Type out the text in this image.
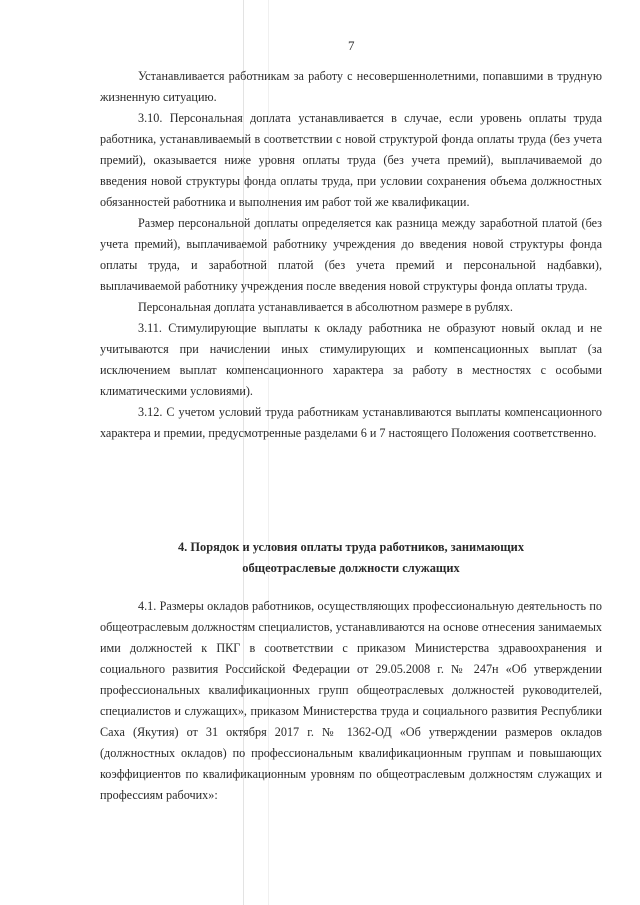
7

Устанавливается работникам за работу с несовершеннолетними, попавшими в трудную жизненную ситуацию.

3.10. Персональная доплата устанавливается в случае, если уровень оплаты труда работника, устанавливаемый в соответствии с новой структурой фонда оплаты труда (без учета премий), оказывается ниже уровня оплаты труда (без учета премий), выплачиваемой до введения новой структуры фонда оплаты труда, при условии сохранения объема должностных обязанностей работника и выполнения им работ той же квалификации.

Размер персональной доплаты определяется как разница между заработной платой (без учета премий), выплачиваемой работнику учреждения до введения новой структуры фонда оплаты труда, и заработной платой (без учета премий и персональной надбавки), выплачиваемой работнику учреждения после введения новой структуры фонда оплаты труда.

Персональная доплата устанавливается в абсолютном размере в рублях.

3.11. Стимулирующие выплаты к окладу работника не образуют новый оклад и не учитываются при начислении иных стимулирующих и компенсационных выплат (за исключением выплат компенсационного характера за работу в местностях с особыми климатическими условиями).

3.12. С учетом условий труда работникам устанавливаются выплаты компенсационного характера и премии, предусмотренные разделами 6 и 7 настоящего Положения соответственно.

4. Порядок и условия оплаты труда работников, занимающих
общеотраслевые должности служащих

4.1. Размеры окладов работников, осуществляющих профессиональную деятельность по общеотраслевым должностям специалистов, устанавливаются на основе отнесения занимаемых ими должностей к ПКГ в соответствии с приказом Министерства здравоохранения и социального развития Российской Федерации от 29.05.2008 г. № 247н «Об утверждении профессиональных квалификационных групп общеотраслевых должностей руководителей, специалистов и служащих», приказом Министерства труда и социального развития Республики Саха (Якутия) от 31 октября 2017 г. № 1362-ОД «Об утверждении размеров окладов (должностных окладов) по профессиональным квалификационным группам и повышающих коэффициентов по квалификационным уровням по общеотраслевым должностям служащих и профессиям рабочих»:
